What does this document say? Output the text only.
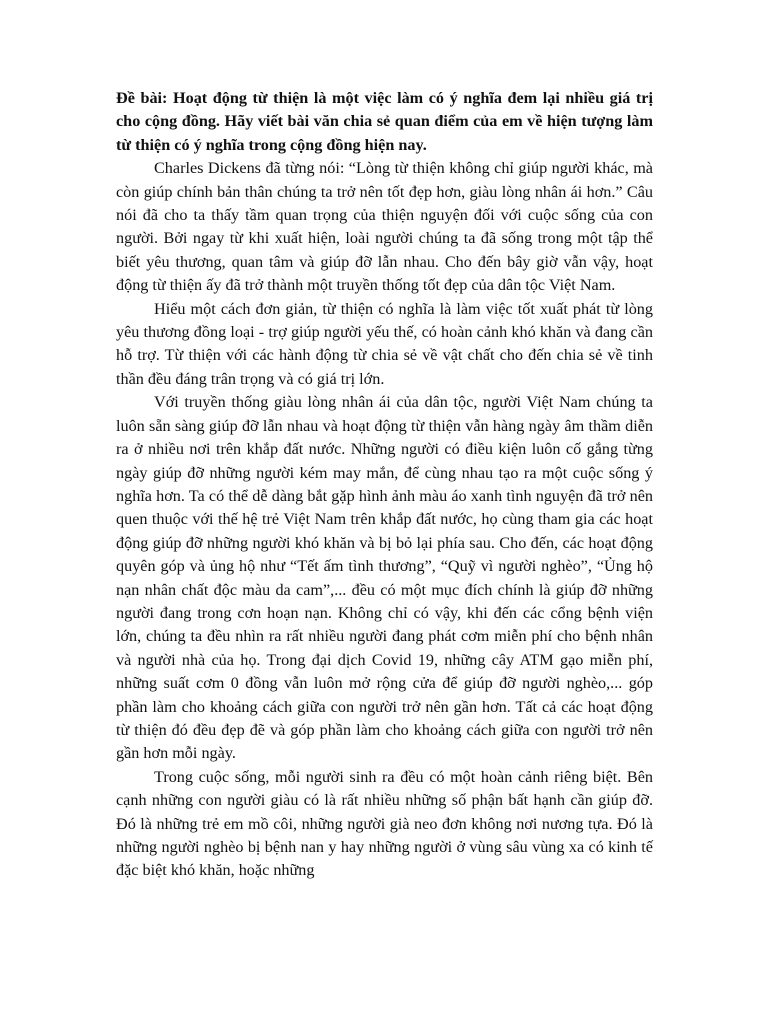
Đề bài: Hoạt động từ thiện là một việc làm có ý nghĩa đem lại nhiều giá trị cho cộng đồng. Hãy viết bài văn chia sẻ quan điểm của em về hiện tượng làm từ thiện có ý nghĩa trong cộng đồng hiện nay.

Charles Dickens đã từng nói: “Lòng từ thiện không chỉ giúp người khác, mà còn giúp chính bản thân chúng ta trở nên tốt đẹp hơn, giàu lòng nhân ái hơn.” Câu nói đã cho ta thấy tầm quan trọng của thiện nguyện đối với cuộc sống của con người. Bởi ngay từ khi xuất hiện, loài người chúng ta đã sống trong một tập thể biết yêu thương, quan tâm và giúp đỡ lẫn nhau. Cho đến bây giờ vẫn vậy, hoạt động từ thiện ấy đã trở thành một truyền thống tốt đẹp của dân tộc Việt Nam.

Hiểu một cách đơn giản, từ thiện có nghĩa là làm việc tốt xuất phát từ lòng yêu thương đồng loại - trợ giúp người yếu thế, có hoàn cảnh khó khăn và đang cần hỗ trợ. Từ thiện với các hành động từ chia sẻ về vật chất cho đến chia sẻ về tinh thần đều đáng trân trọng và có giá trị lớn.

Với truyền thống giàu lòng nhân ái của dân tộc, người Việt Nam chúng ta luôn sẵn sàng giúp đỡ lẫn nhau và hoạt động từ thiện vẫn hàng ngày âm thầm diễn ra ở nhiều nơi trên khắp đất nước. Những người có điều kiện luôn cố gắng từng ngày giúp đỡ những người kém may mắn, để cùng nhau tạo ra một cuộc sống ý nghĩa hơn. Ta có thể dễ dàng bắt gặp hình ảnh màu áo xanh tình nguyện đã trở nên quen thuộc với thế hệ trẻ Việt Nam trên khắp đất nước, họ cùng tham gia các hoạt động giúp đỡ những người khó khăn và bị bỏ lại phía sau. Cho đến, các hoạt động quyên góp và ủng hộ như “Tết ấm tình thương”, “Quỹ vì người nghèo”, “Ủng hộ nạn nhân chất độc màu da cam”,... đều có một mục đích chính là giúp đỡ những người đang trong cơn hoạn nạn. Không chỉ có vậy, khi đến các cổng bệnh viện lớn, chúng ta đều nhìn ra rất nhiều người đang phát cơm miễn phí cho bệnh nhân và người nhà của họ. Trong đại dịch Covid 19, những cây ATM gạo miễn phí, những suất cơm 0 đồng vẫn luôn mở rộng cửa để giúp đỡ người nghèo,... góp phần làm cho khoảng cách giữa con người trở nên gần hơn. Tất cả các hoạt động từ thiện đó đều đẹp đẽ và góp phần làm cho khoảng cách giữa con người trở nên gần hơn mỗi ngày.

Trong cuộc sống, mỗi người sinh ra đều có một hoàn cảnh riêng biệt. Bên cạnh những con người giàu có là rất nhiều những số phận bất hạnh cần giúp đỡ. Đó là những trẻ em mồ côi, những người già neo đơn không nơi nương tựa. Đó là những người nghèo bị bệnh nan y hay những người ở vùng sâu vùng xa có kinh tế đặc biệt khó khăn, hoặc những
